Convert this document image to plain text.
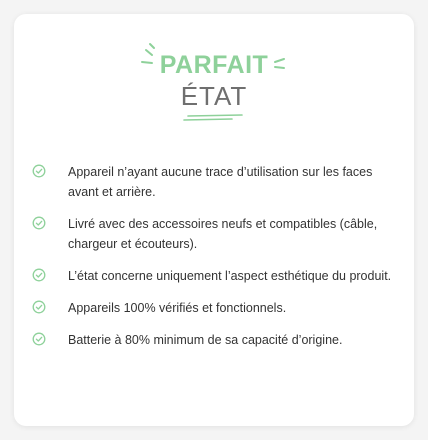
PARFAIT
ÉTAT
Appareil n’ayant aucune trace d’utilisation sur les faces avant et arrière.
Livré avec des accessoires neufs et compatibles (câble, chargeur et écouteurs).
L’état concerne uniquement l’aspect esthétique du produit.
Appareils 100% vérifiés et fonctionnels.
Batterie à 80% minimum de sa capacité d’origine.
